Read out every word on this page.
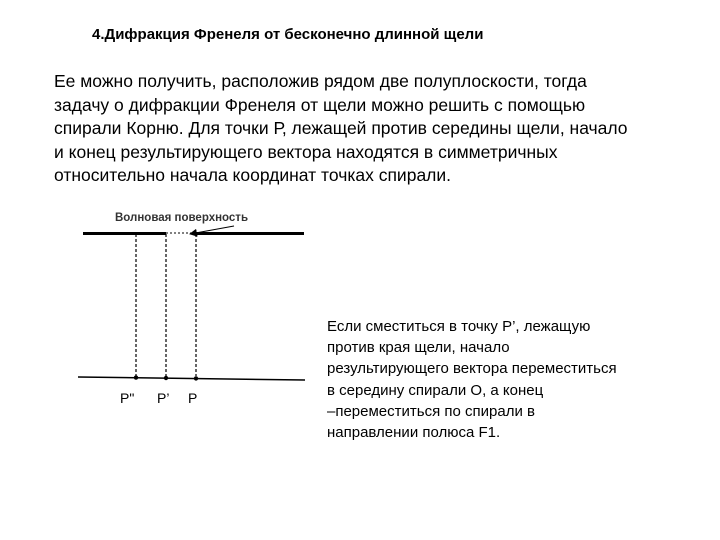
4.Дифракция Френеля от бесконечно длинной щели

Ее можно получить, расположив рядом две полуплоскости, тогда
задачу о дифракции Френеля от щели можно решить с помощью
спирали Корню. Для точки Р, лежащей против середины щели, начало
и конец результирующего вектора находятся в симметричных
относительно начала координат точках спирали.

Волновая поверхность
P" P’ P

Если сместиться в точку Р’, лежащую
против края щели, начало
результирующего вектора переместиться
в середину спирали О, а конец
–переместиться по спирали в
направлении полюса F1.
